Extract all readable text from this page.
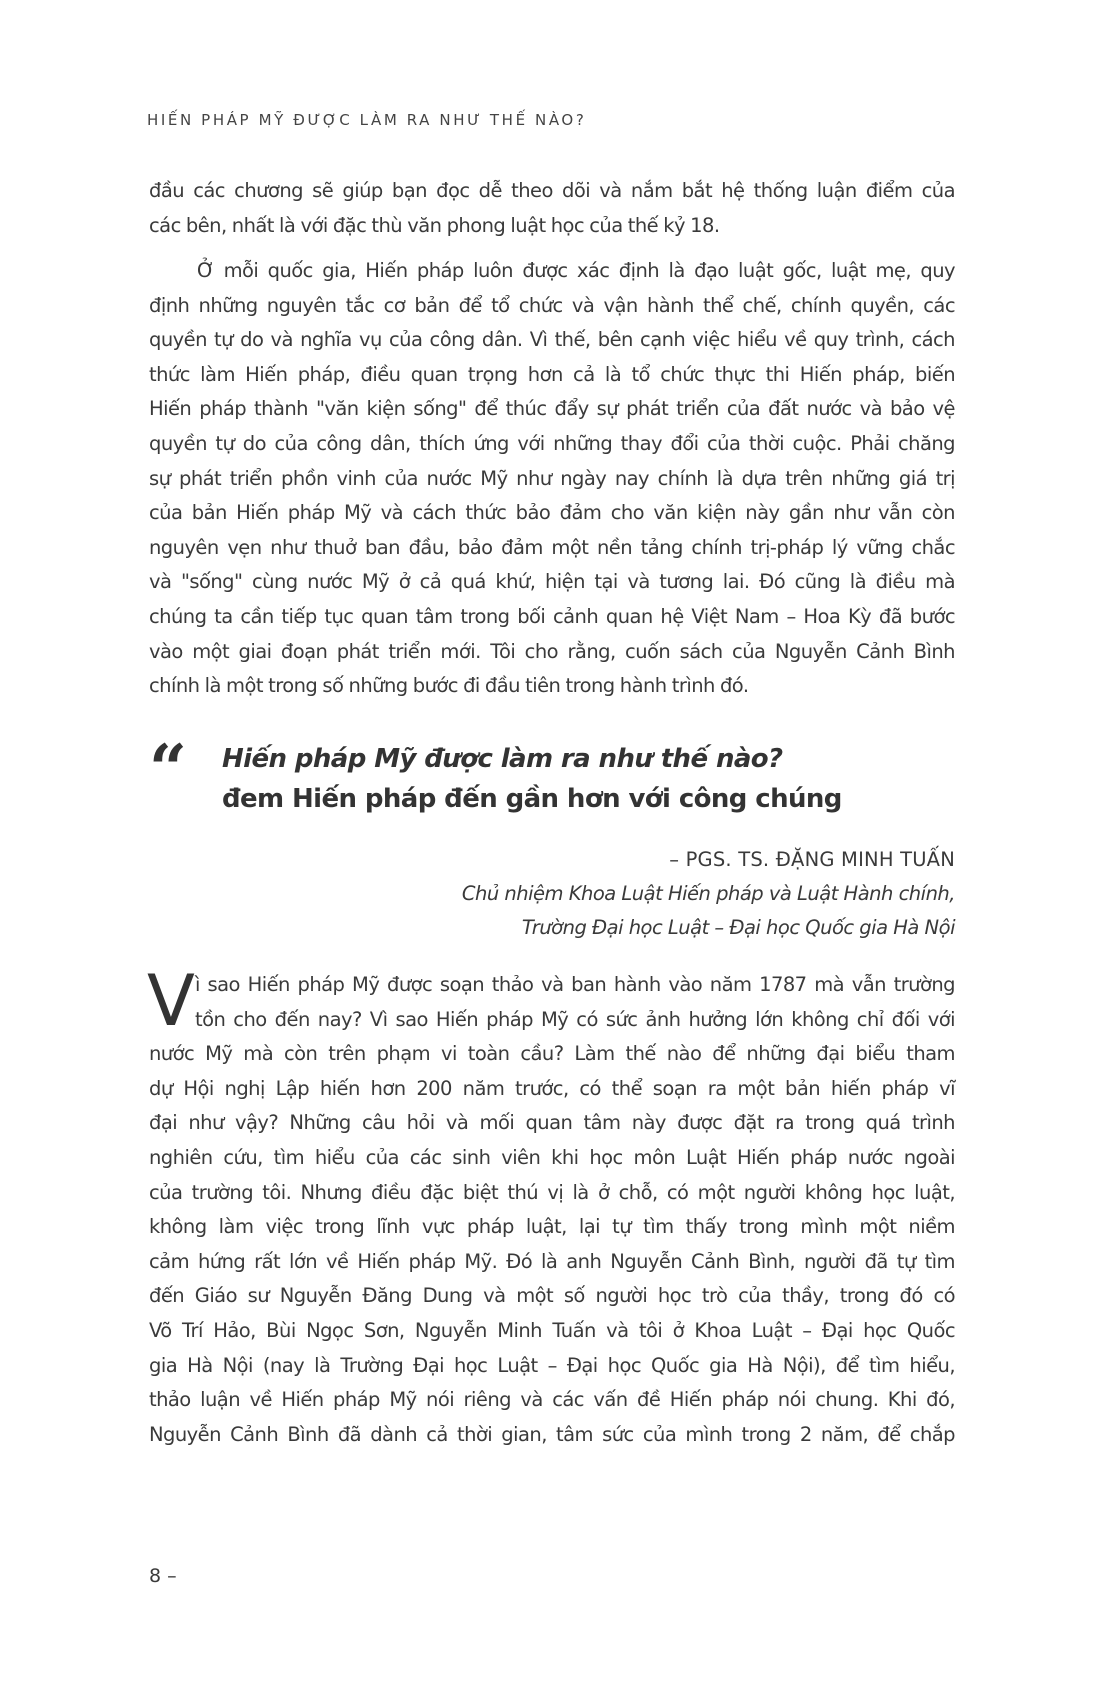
HIẾN PHÁP MỸ ĐƯỢC LÀM RA NHƯ THẾ NÀO?
đầu các chương sẽ giúp bạn đọc dễ theo dõi và nắm bắt hệ thống luận điểm của
các bên, nhất là với đặc thù văn phong luật học của thế kỷ 18.
Ở mỗi quốc gia, Hiến pháp luôn được xác định là đạo luật gốc, luật mẹ, quy
định những nguyên tắc cơ bản để tổ chức và vận hành thể chế, chính quyền, các
quyền tự do và nghĩa vụ của công dân. Vì thế, bên cạnh việc hiểu về quy trình, cách
thức làm Hiến pháp, điều quan trọng hơn cả là tổ chức thực thi Hiến pháp, biến
Hiến pháp thành "văn kiện sống" để thúc đẩy sự phát triển của đất nước và bảo vệ
quyền tự do của công dân, thích ứng với những thay đổi của thời cuộc. Phải chăng
sự phát triển phồn vinh của nước Mỹ như ngày nay chính là dựa trên những giá trị
của bản Hiến pháp Mỹ và cách thức bảo đảm cho văn kiện này gần như vẫn còn
nguyên vẹn như thuở ban đầu, bảo đảm một nền tảng chính trị-pháp lý vững chắc
và "sống" cùng nước Mỹ ở cả quá khứ, hiện tại và tương lai. Đó cũng là điều mà
chúng ta cần tiếp tục quan tâm trong bối cảnh quan hệ Việt Nam – Hoa Kỳ đã bước
vào một giai đoạn phát triển mới. Tôi cho rằng, cuốn sách của Nguyễn Cảnh Bình
chính là một trong số những bước đi đầu tiên trong hành trình đó.
“ Hiến pháp Mỹ được làm ra như thế nào?
đem Hiến pháp đến gần hơn với công chúng
– PGS. TS. ĐẶNG MINH TUẤN
Chủ nhiệm Khoa Luật Hiến pháp và Luật Hành chính,
Trường Đại học Luật – Đại học Quốc gia Hà Nội
V ì sao Hiến pháp Mỹ được soạn thảo và ban hành vào năm 1787 mà vẫn trường
tồn cho đến nay? Vì sao Hiến pháp Mỹ có sức ảnh hưởng lớn không chỉ đối với
nước Mỹ mà còn trên phạm vi toàn cầu? Làm thế nào để những đại biểu tham
dự Hội nghị Lập hiến hơn 200 năm trước, có thể soạn ra một bản hiến pháp vĩ
đại như vậy? Những câu hỏi và mối quan tâm này được đặt ra trong quá trình
nghiên cứu, tìm hiểu của các sinh viên khi học môn Luật Hiến pháp nước ngoài
của trường tôi. Nhưng điều đặc biệt thú vị là ở chỗ, có một người không học luật,
không làm việc trong lĩnh vực pháp luật, lại tự tìm thấy trong mình một niềm
cảm hứng rất lớn về Hiến pháp Mỹ. Đó là anh Nguyễn Cảnh Bình, người đã tự tìm
đến Giáo sư Nguyễn Đăng Dung và một số người học trò của thầy, trong đó có
Võ Trí Hảo, Bùi Ngọc Sơn, Nguyễn Minh Tuấn và tôi ở Khoa Luật – Đại học Quốc
gia Hà Nội (nay là Trường Đại học Luật – Đại học Quốc gia Hà Nội), để tìm hiểu,
thảo luận về Hiến pháp Mỹ nói riêng và các vấn đề Hiến pháp nói chung. Khi đó,
Nguyễn Cảnh Bình đã dành cả thời gian, tâm sức của mình trong 2 năm, để chắp
8 –
